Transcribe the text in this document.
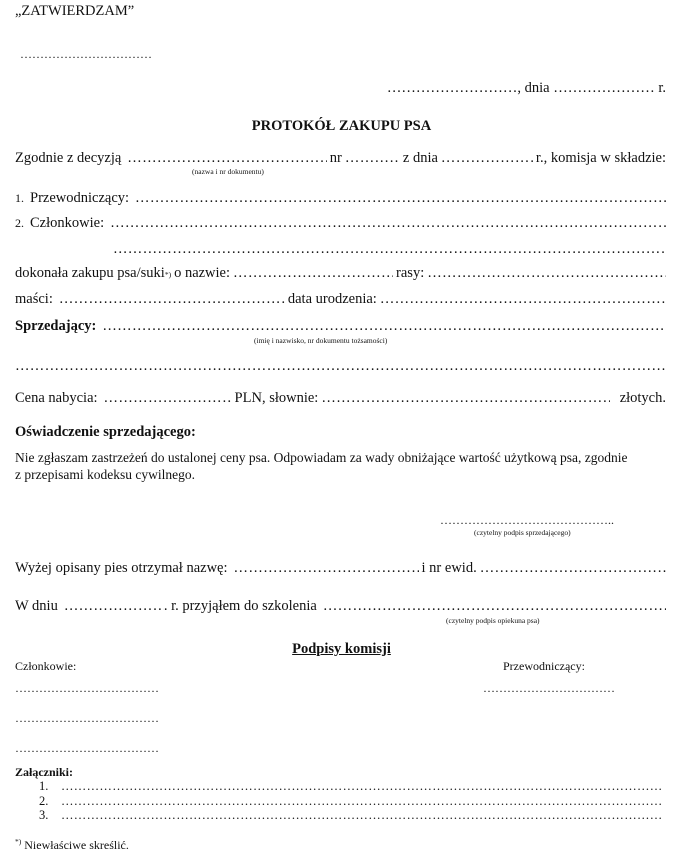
„ZATWIERDZAM”
……………………………
………………………, dnia ………………… r.
PROTOKÓŁ ZAKUPU PSA
Zgodnie z decyzją ……………………………………………………………………………………………………………………………………………………………………………………	nr ……………………………………………………………………………………………………………	z dnia ……………………………………………………………………………………………………………	r., komisja w składzie:
(nazwa i nr dokumentu)
1. Przewodniczący:
……………………………………………………………………………………………………………………………………………………………………………………
2. Członkowie:
……………………………………………………………………………………………………………………………………………………………………………………
……………………………………………………………………………………………………………………………………………………………………………………
dokonała zakupu psa/suki *) o nazwie: ……………………………………………………………………………………………………………	rasy:
……………………………………………………………………………………………………………………………………………………………………………………
maści: ……………………………………………………………………………………………………………	data urodzenia:
……………………………………………………………………………………………………………………………………………………………………………………
Sprzedający:
……………………………………………………………………………………………………………………………………………………………………………………
(imię i nazwisko, nr dokumentu tożsamości)
……………………………………………………………………………………………………………………………………………………………………………………
Cena nabycia: ……………………………………………………………………………………………………………	PLN, słownie: ……………………………………………………………………………………………………………………………………………………………………………………	złotych.
Oświadczenie sprzedającego:
Nie zgłaszam zastrzeżeń do ustalonej ceny psa. Odpowiadam za wady obniżające wartość użytkową psa, zgodnie
z przepisami kodeksu cywilnego.
……………………………………..
(czytelny podpis sprzedającego)
Wyżej opisany pies otrzymał nazwę: ……………………………………………………………………………………………………………	i nr ewid.
……………………………………………………………………………………………………………………………………………………………………………………
W dniu ……………………………………………………………………………………………………………	. r. przyjąłem do szkolenia
……………………………………………………………………………………………………………………………………………………………………………………
(czytelny podpis opiekuna psa)
Podpisy komisji
Członkowie:	Przewodniczący:
………………………………	……………………………
………………………………
………………………………
Załączniki:
1.
……………………………………………………………………………………………………………………………………………………………………………………
2.
……………………………………………………………………………………………………………………………………………………………………………………
3.
……………………………………………………………………………………………………………………………………………………………………………………
*) Niewłaściwe skreślić.
